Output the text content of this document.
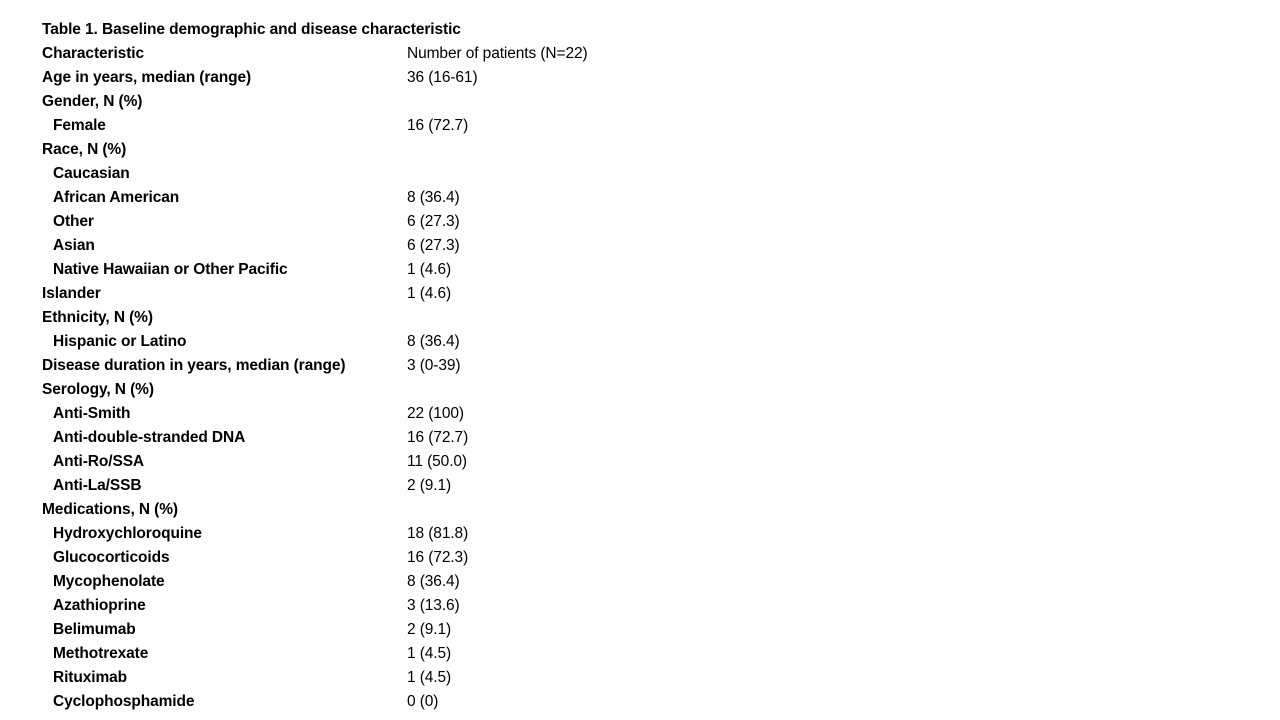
Table 1. Baseline demographic and disease characteristic
Characteristic	Number of patients (N=22)
Age in years, median (range)	36 (16-61)
Gender, N (%)	
Female	16 (72.7)
Race, N (%)	
Caucasian	
African American	8 (36.4)
Other	6 (27.3)
Asian	6 (27.3)
Native Hawaiian or Other Pacific	1 (4.6)
Islander	1 (4.6)
Ethnicity, N (%)	
Hispanic or Latino	8 (36.4)
Disease duration in years, median (range)	3 (0-39)
Serology, N (%)	
Anti-Smith	22 (100)
Anti-double-stranded DNA	16 (72.7)
Anti-Ro/SSA	11 (50.0)
Anti-La/SSB	2 (9.1)
Medications, N (%)	
Hydroxychloroquine	18 (81.8)
Glucocorticoids	16 (72.3)
Mycophenolate	8 (36.4)
Azathioprine	3 (13.6)
Belimumab	2 (9.1)
Methotrexate	1 (4.5)
Rituximab	1 (4.5)
Cyclophosphamide	0 (0)
